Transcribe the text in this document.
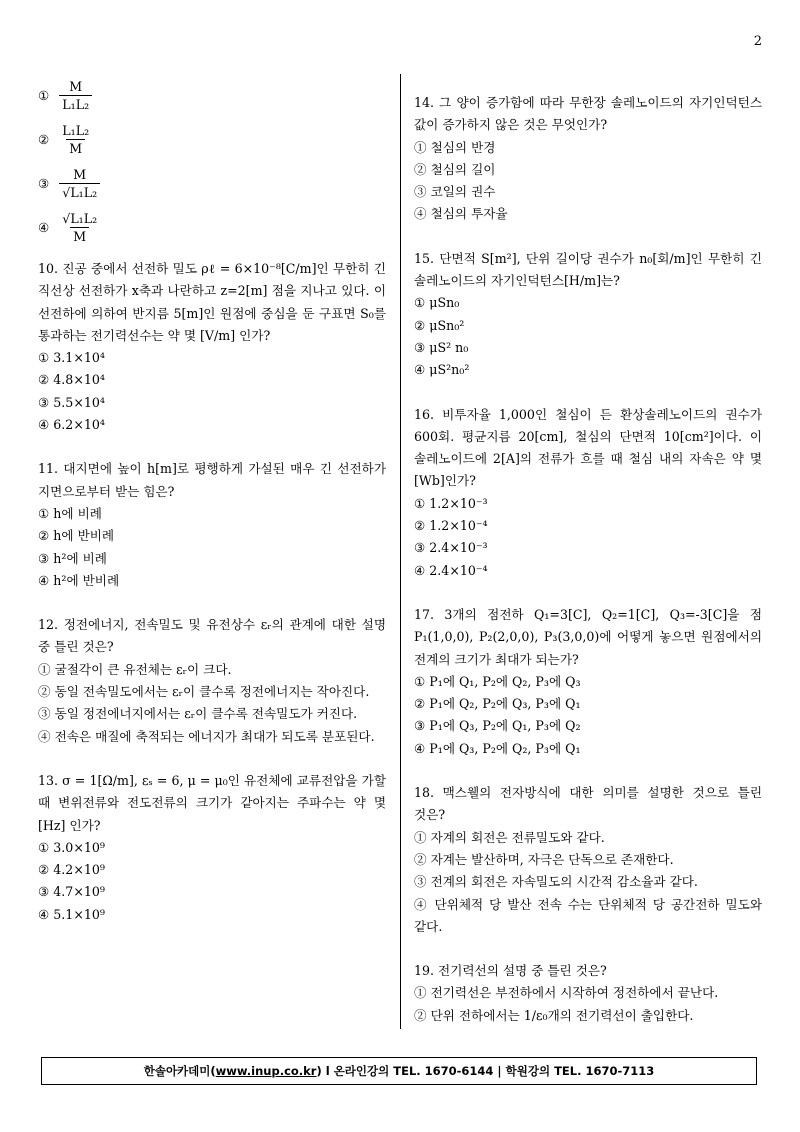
2
① $\frac{M}{\text{L₁L₂}}$
② $\frac{\text{L₁L₂}}{M}$
③ $\frac{M}{\text{√L₁L₂}}$
④ $\frac{\text{√L₁L₂}}{M}$
10. 진공 중에서 선전하 밀도 ρℓ = 6×10⁻⁸[C/m]인 무한히 긴 직선상 선전하가 x축과 나란하고 z=2[m] 점을 지나고 있다. 이 선전하에 의하여 반지름 5[m]인 원점에 중심을 둔 구표면 S₀를 통과하는 전기력선수는 약 몇 [V/m] 인가?
① 3.1×10⁴
② 4.8×10⁴
③ 5.5×10⁴
④ 6.2×10⁴
11. 대지면에 높이 h[m]로 평행하게 가설된 매우 긴 선전하가 지면으로부터 받는 힘은?
① h에 비례
② h에 반비례
③ h²에 비례
④ h²에 반비례
12. 정전에너지, 전속밀도 및 유전상수 εᵣ의 관계에 대한 설명 중 틀린 것은?
① 굴절각이 큰 유전체는 εᵣ이 크다.
② 동일 전속밀도에서는 εᵣ이 클수록 정전에너지는 작아진다.
③ 동일 정전에너지에서는 εᵣ이 클수록 전속밀도가 커진다.
④ 전속은 매질에 축적되는 에너지가 최대가 되도록 분포된다.
13. σ = 1[Ω/m], εₛ = 6, μ = μ₀인 유전체에 교류전압을 가할 때 변위전류와 전도전류의 크기가 같아지는 주파수는 약 몇 [Hz] 인가?
① 3.0×10⁹
② 4.2×10⁹
③ 4.7×10⁹
④ 5.1×10⁹
14. 그 양이 증가함에 따라 무한장 솔레노이드의 자기인덕턴스 값이 증가하지 않은 것은 무엇인가?
① 철심의 반경
② 철심의 길이
③ 코일의 권수
④ 철심의 투자율
15. 단면적 S[m²], 단위 길이당 권수가 n₀[회/m]인 무한히 긴 솔레노이드의 자기인덕턴스[H/m]는?
① μSn₀
② μSn₀²
③ μS² n₀
④ μS²n₀²
16. 비투자율 1,000인 철심이 든 환상솔레노이드의 권수가 600회. 평균지름 20[cm], 철심의 단면적 10[cm²]이다. 이 솔레노이드에 2[A]의 전류가 흐를 때 철심 내의 자속은 약 몇 [Wb]인가?
① 1.2×10⁻³
② 1.2×10⁻⁴
③ 2.4×10⁻³
④ 2.4×10⁻⁴
17. 3개의 점전하 Q₁=3[C], Q₂=1[C], Q₃=-3[C]을 점 P₁(1,0,0), P₂(2,0,0), P₃(3,0,0)에 어떻게 놓으면 원점에서의 전계의 크기가 최대가 되는가?
① P₁에 Q₁, P₂에 Q₂, P₃에 Q₃
② P₁에 Q₂, P₂에 Q₃, P₃에 Q₁
③ P₁에 Q₃, P₂에 Q₁, P₃에 Q₂
④ P₁에 Q₃, P₂에 Q₂, P₃에 Q₁
18. 맥스웰의 전자방식에 대한 의미를 설명한 것으로 틀린 것은?
① 자계의 회전은 전류밀도와 같다.
② 자계는 발산하며, 자극은 단독으로 존재한다.
③ 전계의 회전은 자속밀도의 시간적 감소율과 같다.
④ 단위체적 당 발산 전속 수는 단위체적 당 공간전하 밀도와 같다.
19. 전기력선의 설명 중 틀린 것은?
① 전기력선은 부전하에서 시작하여 정전하에서 끝난다.
② 단위 전하에서는 1/ε₀개의 전기력선이 출입한다.
한솔아카데미(www.inup.co.kr) l 온라인강의 TEL. 1670-6144 | 학원강의 TEL. 1670-7113
